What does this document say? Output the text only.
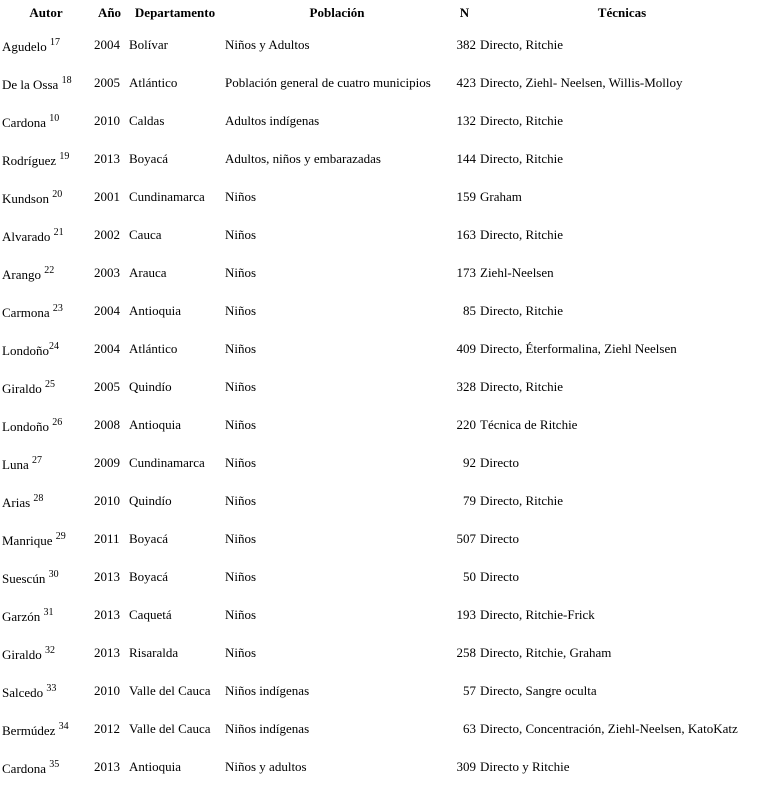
Autor	Año	Departamento	Población	N	Técnicas
Agudelo $^{17}$	2004	Bolívar	Niños y Adultos	382	Directo, Ritchie
De la Ossa $^{18}$	2005	Atlántico	Población general de cuatro municipios	423	Directo, Ziehl- Neelsen, Willis-Molloy
Cardona $^{10}$	2010	Caldas	Adultos indígenas	132	Directo, Ritchie
Rodríguez $^{19}$	2013	Boyacá	Adultos, niños y embarazadas	144	Directo, Ritchie
Kundson $^{20}$	2001	Cundinamarca	Niños	159	Graham
Alvarado $^{21}$	2002	Cauca	Niños	163	Directo, Ritchie
Arango $^{22}$	2003	Arauca	Niños	173	Ziehl-Neelsen
Carmona $^{23}$	2004	Antioquia	Niños	85	Directo, Ritchie
Londoño$^{24}$	2004	Atlántico	Niños	409	Directo, Éterformalina, Ziehl Neelsen
Giraldo $^{25}$	2005	Quindío	Niños	328	Directo, Ritchie
Londoño $^{26}$	2008	Antioquia	Niños	220	Técnica de Ritchie
Luna $^{27}$	2009	Cundinamarca	Niños	92	Directo
Arias $^{28}$	2010	Quindío	Niños	79	Directo, Ritchie
Manrique $^{29}$	2011	Boyacá	Niños	507	Directo
Suescún $^{30}$	2013	Boyacá	Niños	50	Directo
Garzón $^{31}$	2013	Caquetá	Niños	193	Directo, Ritchie-Frick
Giraldo $^{32}$	2013	Risaralda	Niños	258	Directo, Ritchie, Graham
Salcedo $^{33}$	2010	Valle del Cauca	Niños indígenas	57	Directo, Sangre oculta
Bermúdez $^{34}$	2012	Valle del Cauca	Niños indígenas	63	Directo, Concentración, Ziehl-Neelsen, KatoKatz
Cardona $^{35}$	2013	Antioquia	Niños y adultos	309	Directo y Ritchie
